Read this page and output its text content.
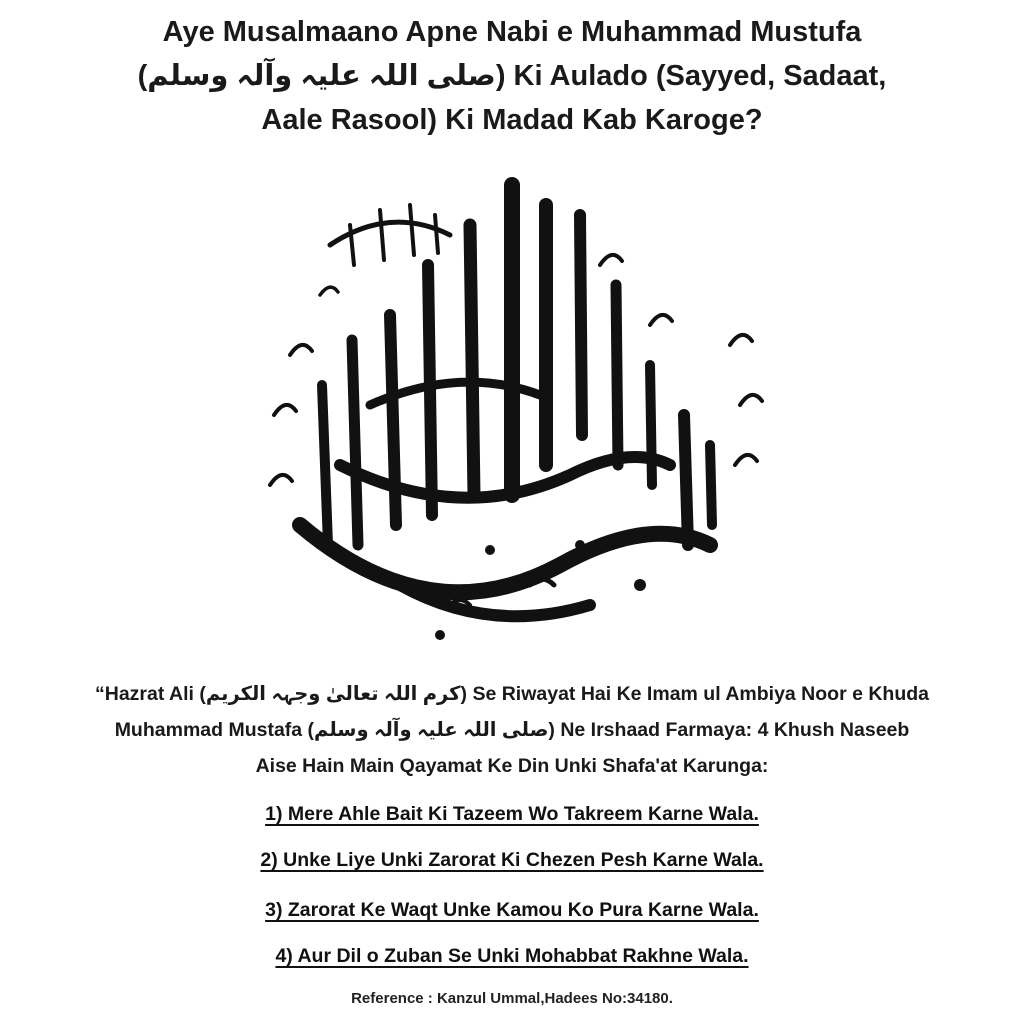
Aye Musalmaano Apne Nabi e Muhammad Mustufa
(صلی اللہ علیہ وآلہ وسلم) Ki Aulado (Sayyed, Sadaat,
Aale Rasool) Ki Madad Kab Karoge?
“Hazrat Ali (کرم اللہ تعالیٰ وجہہ الکریم) Se Riwayat Hai Ke Imam ul Ambiya Noor e Khuda
Muhammad Mustafa (صلی اللہ علیہ وآلہ وسلم) Ne Irshaad Farmaya: 4 Khush Naseeb
Aise Hain Main Qayamat Ke Din Unki Shafa'at Karunga:
1) Mere Ahle Bait Ki Tazeem Wo Takreem Karne Wala.
2) Unke Liye Unki Zarorat Ki Chezen Pesh Karne Wala.
3) Zarorat Ke Waqt Unke Kamou Ko Pura Karne Wala.
4) Aur Dil o Zuban Se Unki Mohabbat Rakhne Wala.
Reference : Kanzul Ummal,Hadees No:34180.
